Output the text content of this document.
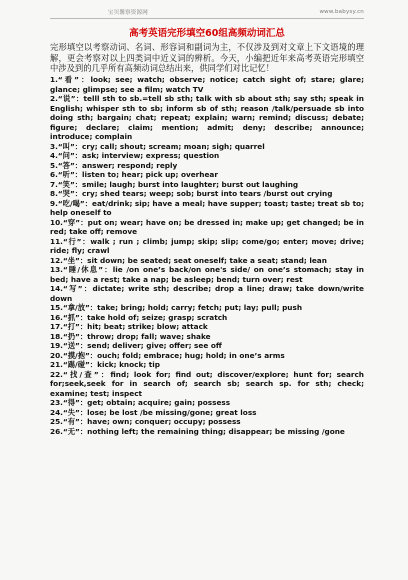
宝贝馨察资源网	www.babysy.cn
高考英语完形填空60组高频动词汇总

完形填空以考察动词、名词、形容词和副词为主，不仅涉及到对文章上下文语境的理解，更会考察对以上四类词中近义词的辨析。今天，小编把近年来高考英语完形填空中涉及到的几乎所有高频动词总结出来，供同学们对比记忆！

1.“看”：look; see; watch; observe; notice; catch sight of; stare; glare; glance; glimpse; see a film; watch TV
2.“说”：telll sth to sb.=tell sb sth; talk with sb about sth; say sth; speak in English; whisper sth to sb; inform sb of sth; reason /talk/persuade sb into doing sth; bargain; chat; repeat; explain; warn; remind; discuss; debate; figure; declare; claim; mention; admit; deny; describe; announce; introduce; complain
3.“叫”：cry; call; shout; scream; moan; sigh; quarrel
4.“问”：ask; interview; express; question
5.“答”：answer; respond; reply
6.“听”：listen to; hear; pick up; overhear
7.“笑”：smile; laugh; burst into laughter; burst out laughing
8.“哭”：cry; shed tears; weep; sob; burst into tears /burst out crying
9.“吃/喝”：eat/drink; sip; have a meal; have supper; toast; taste; treat sb to; help oneself to
10.“穿”：put on; wear; have on; be dressed in; make up; get changed; be in red; take off; remove
11.“行”：walk ; run ; climb; jump; skip; slip; come/go; enter; move; drive; ride; fly; crawl
12.“坐”：sit down; be seated; seat oneself; take a seat; stand; lean
13.“睡/休息”：lie /on one’s back/on one's side/ on one’s stomach; stay in bed; have a rest; take a nap; be asleep; bend; turn over; rest
14.“写”：dictate; write sth; describe; drop a line; draw; take down/write down
15.“拿/放”：take; bring; hold; carry; fetch; put; lay; pull; push
16.“抓”：take hold of; seize; grasp; scratch
17.“打”：hit; beat; strike; blow; attack
18.“扔”：throw; drop; fall; wave; shake
19.“送”：send; deliver; give; offer; see off
20.“摸/抱”：ouch; fold; embrace; hug; hold; in one’s arms
21.“踢/碰”：kick; knock; tip
22.“找/查”：find; look for; find out; discover/explore; hunt for; search for;seek,seek for in search of; search sb; search sp. for sth; check; examine; test; inspect
23.“得”：get; obtain; acquire; gain; possess
24.“失”：lose; be lost /be missing/gone; great loss
25.“有”：have; own; conquer; occupy; possess
26.“无”：nothing left; the remaining thing; disappear; be missing /gone
